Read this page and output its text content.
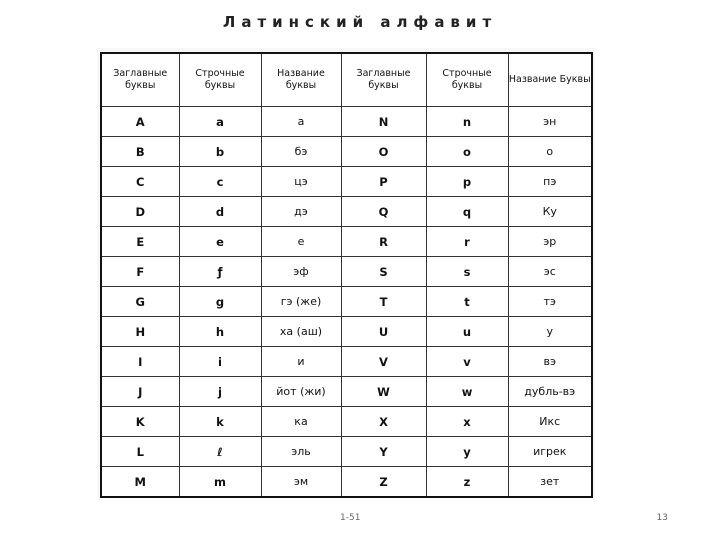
Латинский алфавит
Заглавные буквы	Строчные буквы	Название буквы	Заглавные буквы	Строчные буквы	Название Буквы
A	a	а	N	n	эн
B	b	бэ	O	o	о
C	c	цэ	P	p	пэ
D	d	дэ	Q	q	Ку
E	e	е	R	r	эр
F	ƒ	эф	S	s	эс
G	g	гэ (же)	T	t	тэ
H	h	ха (аш)	U	u	у
I	i	и	V	v	вэ
J	j	йот (жи)	W	w	дубль-вэ
K	k	ка	X	x	Икс
L	ℓ	эль	Y	y	игрек
M	m	эм	Z	z	зет
1-51	13
